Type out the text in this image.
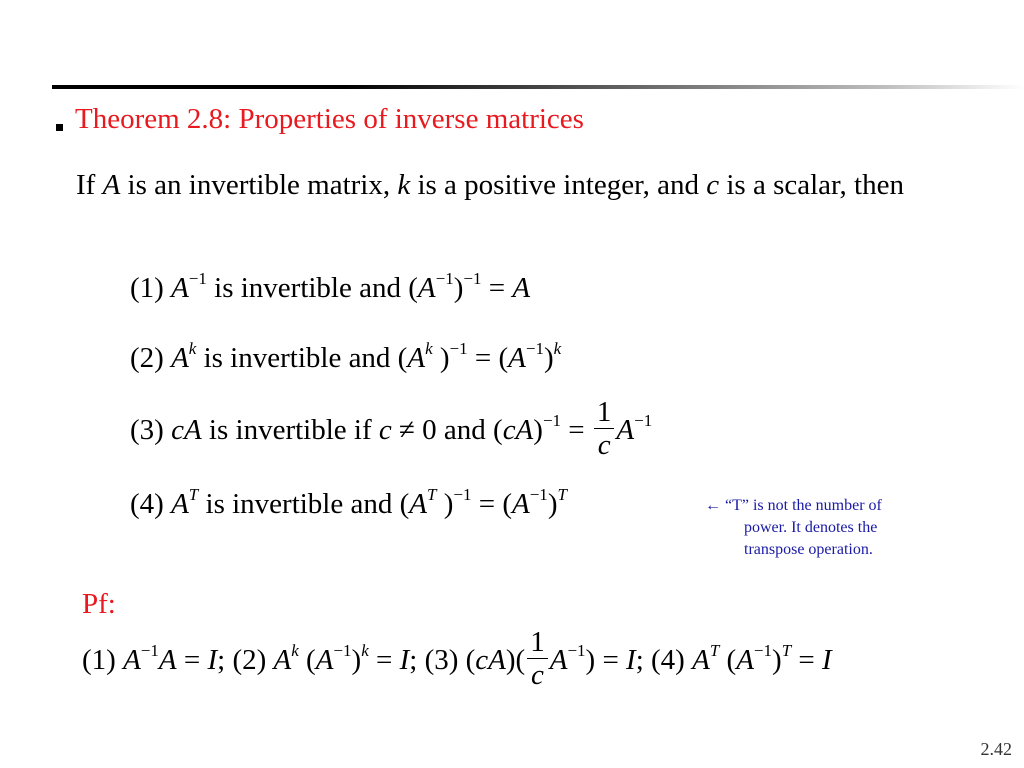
Theorem 2.8: Properties of inverse matrices
If A is an invertible matrix, k is a positive integer, and c is a scalar, then
(1) $A^{-1}$ is invertible and $(A^{-1})^{-1} = A$
(2) $A^k$ is invertible and ($A^k$ )$^{-1} = (A^{-1})^k$
(3) cA is invertible if c ≠ 0 and $(cA)^{-1} = \frac{1}{c} A^{-1}$
(4) $A^T$ is invertible and ($A^T$ )$^{-1} = (A^{-1})^T$
← “T” is not the number of
power. It denotes the
transpose operation.
Pf:
(1) $A^{-1}A = I$; (2) $A^k$ $(A^{-1})^k = I$; (3) $(cA)( \frac{1}{c} A^{-1}) = I$; (4) $A^T$ $(A^{-1})^T = I$
2.42
